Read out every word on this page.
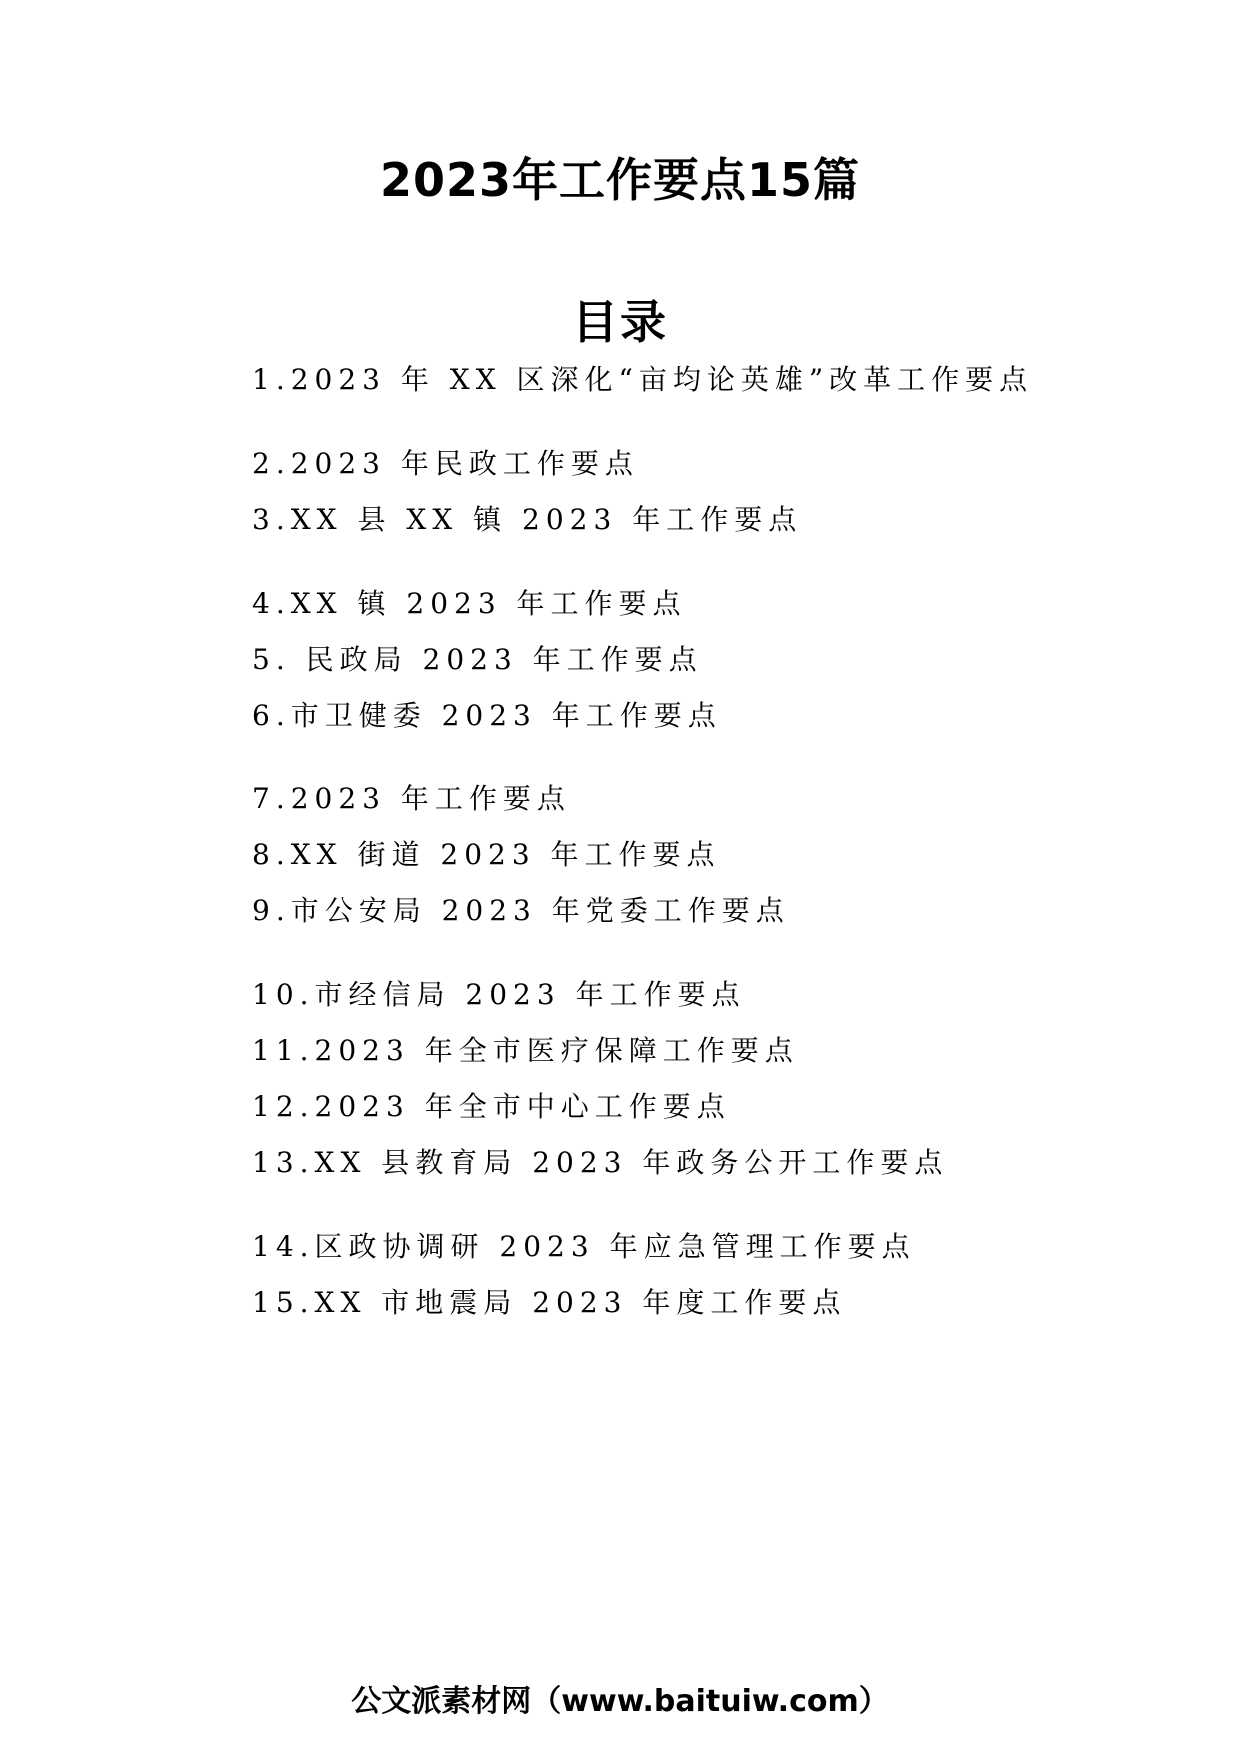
2023年工作要点15篇
目录
1.2023 年 XX 区深化“亩均论英雄”改革工作要点
2.2023 年民政工作要点
3.XX 县 XX 镇 2023 年工作要点
4.XX 镇 2023 年工作要点
5. 民政局 2023 年工作要点
6.市卫健委 2023 年工作要点
7.2023 年工作要点
8.XX 街道 2023 年工作要点
9.市公安局 2023 年党委工作要点
10.市经信局 2023 年工作要点
11.2023 年全市医疗保障工作要点
12.2023 年全市中心工作要点
13.XX 县教育局 2023 年政务公开工作要点
14.区政协调研 2023 年应急管理工作要点
15.XX 市地震局 2023 年度工作要点
公文派素材网（www.baituiw.com）
